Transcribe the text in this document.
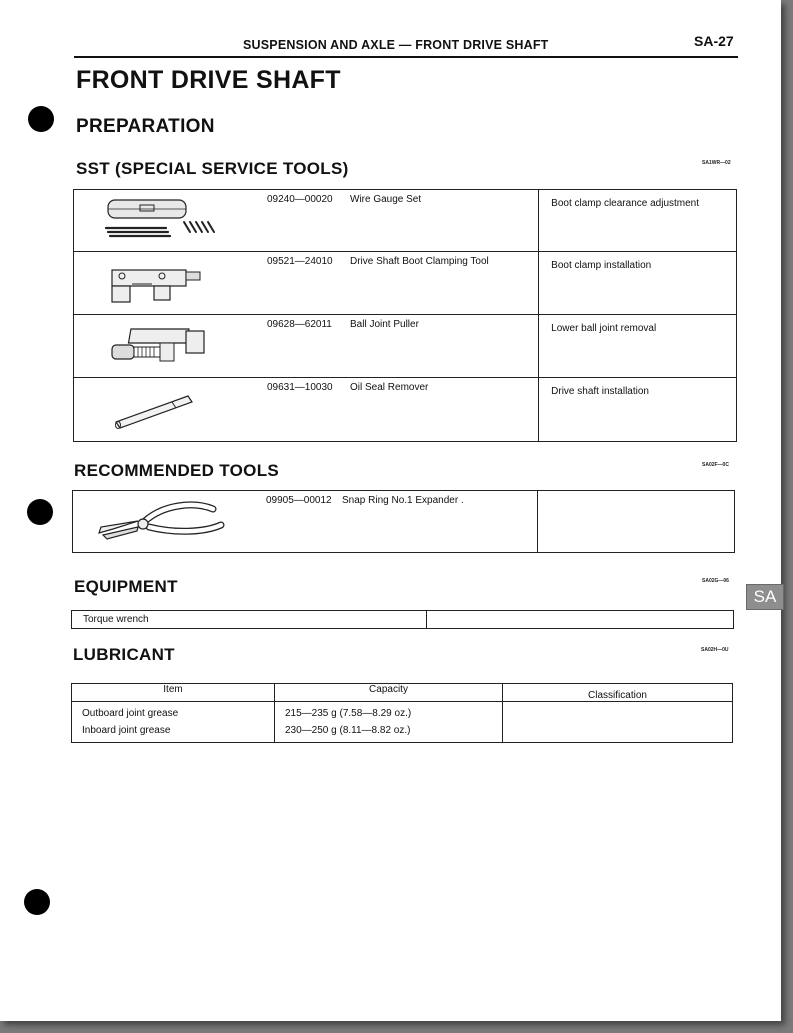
SUSPENSION AND AXLE — FRONT DRIVE SHAFT	SA-27
FRONT DRIVE SHAFT
PREPARATION
SST (SPECIAL SERVICE TOOLS)	SA1WR—02
09240—00020 Wire Gauge Set	Boot clamp clearance adjustment

09521—24010 Drive Shaft Boot Clamping Tool	Boot clamp installation

09628—62011 Ball Joint Puller	Lower ball joint removal

09631—10030 Oil Seal Remover	Drive shaft installation
RECOMMENDED TOOLS	SA02F—0C
09905—00012 Snap Ring No.1 Expander .

EQUIPMENT	SA02G—06
Torque wrench	
LUBRICANT	SA02H—0U
Item	Capacity	Classification
Outboard joint grease	215—235 g (7.58—8.29 oz.)	
Inboard joint grease	230—250 g (8.11—8.82 oz.)	
SA
